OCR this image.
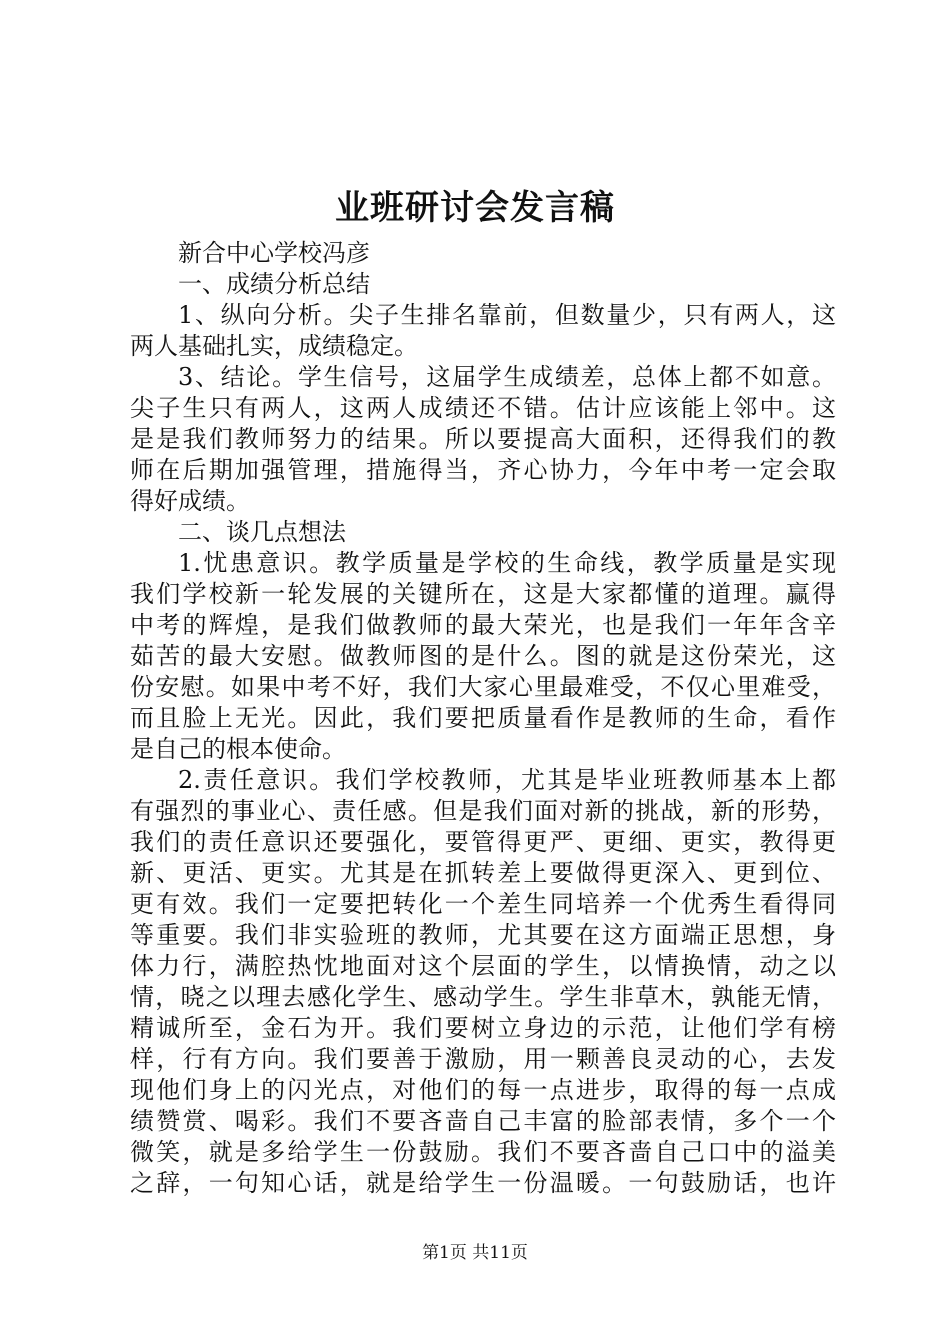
业班研讨会发言稿
新合中心学校冯彦
一、成绩分析总结
1、纵向分析。尖子生排名靠前，但数量少，只有两人，这
两人基础扎实，成绩稳定。
3、结论。学生信号，这届学生成绩差，总体上都不如意。
尖子生只有两人，这两人成绩还不错。估计应该能上邻中。这
是是我们教师努力的结果。所以要提高大面积，还得我们的教
师在后期加强管理，措施得当，齐心协力，今年中考一定会取
得好成绩。
二、谈几点想法
1.忧患意识。教学质量是学校的生命线，教学质量是实现
我们学校新一轮发展的关键所在，这是大家都懂的道理。赢得
中考的辉煌，是我们做教师的最大荣光，也是我们一年年含辛
茹苦的最大安慰。做教师图的是什么。图的就是这份荣光，这
份安慰。如果中考不好，我们大家心里最难受，不仅心里难受，
而且脸上无光。因此，我们要把质量看作是教师的生命，看作
是自己的根本使命。
2.责任意识。我们学校教师，尤其是毕业班教师基本上都
有强烈的事业心、责任感。但是我们面对新的挑战，新的形势，
我们的责任意识还要强化，要管得更严、更细、更实，教得更
新、更活、更实。尤其是在抓转差上要做得更深入、更到位、
更有效。我们一定要把转化一个差生同培养一个优秀生看得同
等重要。我们非实验班的教师，尤其要在这方面端正思想，身
体力行，满腔热忱地面对这个层面的学生，以情换情，动之以
情，晓之以理去感化学生、感动学生。学生非草木，孰能无情，
精诚所至，金石为开。我们要树立身边的示范，让他们学有榜
样，行有方向。我们要善于激励，用一颗善良灵动的心，去发
现他们身上的闪光点，对他们的每一点进步，取得的每一点成
绩赞赏、喝彩。我们不要吝啬自己丰富的脸部表情，多个一个
微笑，就是多给学生一份鼓励。我们不要吝啬自己口中的溢美
之辞，一句知心话，就是给学生一份温暖。一句鼓励话，也许
第1页 共11页
